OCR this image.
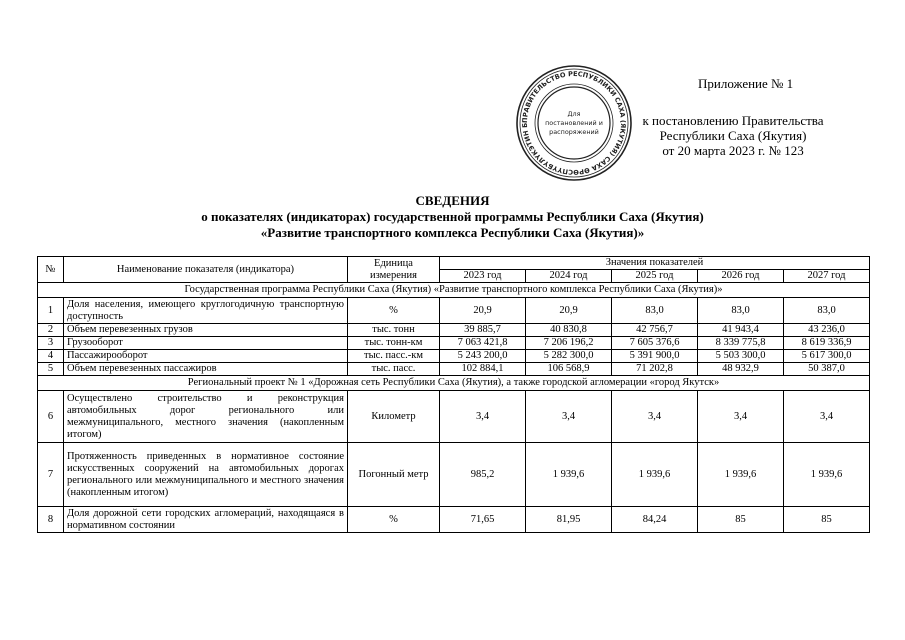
ПРАВИТЕЛЬСТВО РЕСПУБЛИКИ САХА (ЯКУТИЯ) САХА ӨРӨСПҮҮБҮЛҮКЭТИН Б
Для
постановлений и
распоряжений
Приложение № 1
к постановлению Правительства
Республики Саха (Якутия)
от 20 марта 2023 г. № 123
СВЕДЕНИЯ
о показателях (индикаторах) государственной программы Республики Саха (Якутия)
«Развитие транспортного комплекса Республики Саха (Якутия)»
№	Наименование показателя (индикатора)	Единица измерения	Значения показателей				
			2023 год	2024 год	2025 год	2026 год	2027 год
Государственная программа Республики Саха (Якутия) «Развитие транспортного комплекса Республики Саха (Якутия)»							
1	Доля населения, имеющего круглогодичную транспортную доступность	%	20,9	20,9	83,0	83,0	83,0
2	Объем перевезенных грузов	тыс. тонн	39 885,7	40 830,8	42 756,7	41 943,4	43 236,0
3	Грузооборот	тыс. тонн-км	7 063 421,8	7 206 196,2	7 605 376,6	8 339 775,8	8 619 336,9
4	Пассажирооборот	тыс. пасс.-км	5 243 200,0	5 282 300,0	5 391 900,0	5 503 300,0	5 617 300,0
5	Объем перевезенных пассажиров	тыс. пасс.	102 884,1	106 568,9	71 202,8	48 932,9	50 387,0
Региональный проект № 1 «Дорожная сеть Республики Саха (Якутия), а также городской агломерации «город Якутск»							
6	Осуществлено строительство и реконструкция автомобильных дорог регионального или межмуниципального, местного значения (накопленным итогом)	Километр	3,4	3,4	3,4	3,4	3,4
7	Протяженность приведенных в нормативное состояние искусственных сооружений на автомобильных дорогах регионального или межмуниципального и местного значения (накопленным итогом)	Погонный метр	985,2	1 939,6	1 939,6	1 939,6	1 939,6
8	Доля дорожной сети городских агломераций, находящаяся в нормативном состоянии	%	71,65	81,95	84,24	85	85
